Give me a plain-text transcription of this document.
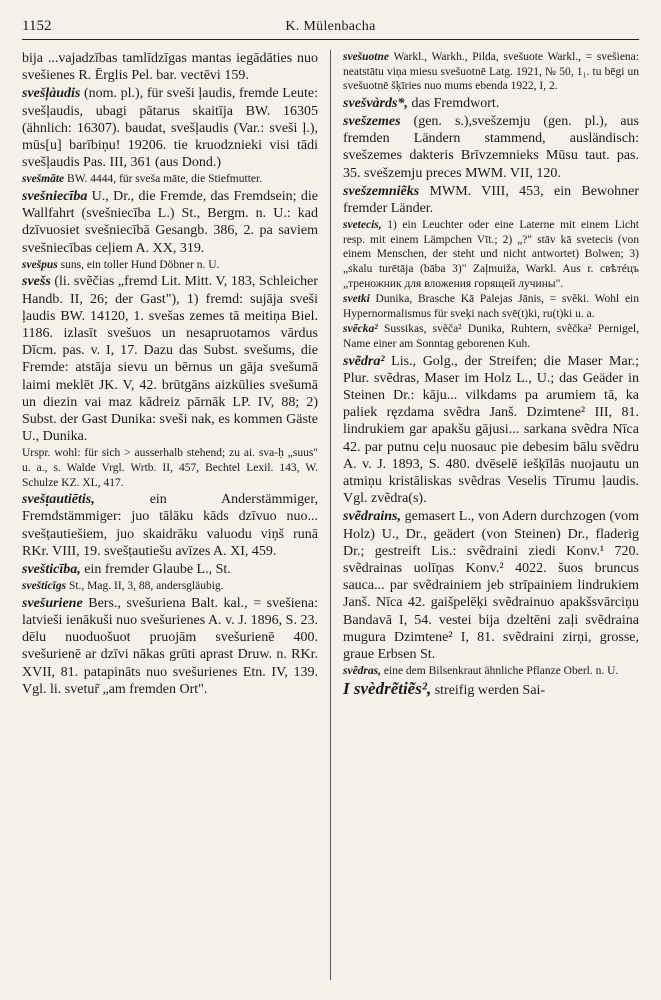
1152	K. Mülenbacha

bija ...vajadzības tamlīdzīgas mantas iegādāties nuo svešienes R. Ērglis Pel. bar. vectēvi 159.

svešļàudis (nom. pl.), für sveši ļaudis, fremde Leute: svešļaudis, ubagi pātarus skaitīja BW. 16305 (ähnlich: 16307). baudat, svešļaudis (Var.: sveši ļ.), mūs[u] barībiņu! 19206. tie kruodznieki visi tādi svešļaudis Pas. III, 361 (aus Dond.)

svešmãte BW. 4444, für sveša māte, die Stiefmutter.

svešniecība U., Dr., die Fremde, das Fremdsein; die Wallfahrt (svešniecība L.) St., Bergm. n. U.: kad dzīvuosiet svešniecībā Gesangb. 386, 2. pa saviem svešniecības ceļiem A. XX, 319.

svešpus suns, ein toller Hund Döbner n. U.

svešs (li. svẽčias „fremd Lit. Mitt. V, 183, Schleicher Handb. II, 26; der Gast"), 1) fremd: sujāja sveši ļaudis BW. 14120, 1. svešas zemes tā meitiņa Biel. 1186. izlasīt svešuos un nesapruotamos vārdus Dīcm. pas. v. I, 17. Dazu das Subst. svešums, die Fremde: atstāja sievu un bērnus un gāja svešumā laimi meklēt JK. V, 42. brūtgāns aizkūlies svešumā un diezin vai maz kādreiz pārnāk LP. IV, 88; 2) Subst. der Gast Dunika: sveši nak, es kommen Gäste U., Dunika.

Urspr. wohl: für sich > ausserhalb stehend; zu ai. sva-ḥ „suus" u. a., s. Walde Vrgl. Wrtb. II, 457, Bechtel Lexil. 143, W. Schulze KZ. XL, 417.

svešṭautiētis, ein Anderstämmiger, Fremdstämmiger: juo tālāku kāds dzīvuo nuo... svešṭautiešiem, juo skaidrāku valuodu viņš runā RKr. VIII, 19. svešṭautiešu avīzes A. XI, 459.

svešticība, ein fremder Glaube L., St.

svešticīgs St., Mag. II, 3, 88, andersgläubig.

svešuriene Bers., svešuriena Balt. kal., = svešiena: latvieši ienākuši nuo svešurienes A. v. J. 1896, S. 23. dēlu nuoduošuot pruojām svešurienē 400. svešurienē ar dzīvi nākas grūti aprast Druw. n. RKr. XVII, 81. patapināts nuo svešurienes Etn. IV, 139. Vgl. li. svetur̃ „am fremden Ort".

svešuotne Warkl., Warkh., Pilda, svešuote Warkl., = svešiena: neatstātu viņa miesu svešuotnē Latg. 1921, № 50, 1₁. tu bēgi un svešuotnē šķīries nuo mums ebenda 1922, I, 2.

svešvàrds*, das Fremdwort.

svešzemes (gen. s.),svešzemju (gen. pl.), aus fremden Ländern stammend, ausländisch: svešzemes dakteris Brīvzemnieks Mūsu taut. pas. 35. svešzemju preces MWM. VII, 120.

svešzemniẽks MWM. VIII, 453, ein Bewohner fremder Länder.

svetecis, 1) ein Leuchter oder eine Laterne mit einem Licht resp. mit einem Lämpchen Vīt.; 2) „?" stāv kā svetecis (von einem Menschen, der steht und nicht antwortet) Bolwen; 3) „skalu turētāja (bāba 3)" Zaļmuiža, Warkl. Aus r. свѣтéцъ „треножник для вложения горящей лучины".

svetki Dunika, Brasche Kā Palejas Jānis, = svẽki. Wohl ein Hypernormalismus für sveķi nach svē(t)ki, ru(t)ki u. a.

svẽcka² Sussikas, svẽča² Dunika, Ruhtern, svẽčka² Pernigel, Name einer am Sonntag geborenen Kuh.

svẽdra² Lis., Golg., der Streifen; die Maser Mar.; Plur. svẽdras, Maser im Holz L., U.; das Geäder in Steinen Dr.: kāju... vilkdams pa arumiem tā, ka paliek ręzdama svẽdra Janš. Dzimtene² III, 81. lindrukiem gar apakšu gājusi... sarkana svẽdra Nīca 42. par putnu ceļu nuosauc pie debesim bālu svẽdru A. v. J. 1893, S. 480. dvēselē iešķīlās nuojautu un atmiņu kristāliskas svẽdras Veselis Tīrumu ļaudis. Vgl. zvẽdra(s).

svẽdrains, gemasert L., von Adern durchzogen (vom Holz) U., Dr., geädert (von Steinen) Dr., fladerig Dr.; gestreift Lis.: svẽdraini ziedi Konv.¹ 720. svẽdrainas uolīņas Konv.² 4022. šuos bruncus sauca... par svẽdrainiem jeb strīpainiem lindrukiem Janš. Nīca 42. gaišpelēķi svẽdrainuo apakšsvārciņu Bandavā I, 54. vestei bija dzeltēni zaļi svẽdraina mugura Dzimtene² I, 81. svẽdraini zirņi, grosse, graue Erbsen St.

svẽdras, eine dem Bilsenkraut ähnliche Pflanze Oberl. n. U.

I svèdrẽtiẽs², streifig werden Sai-
